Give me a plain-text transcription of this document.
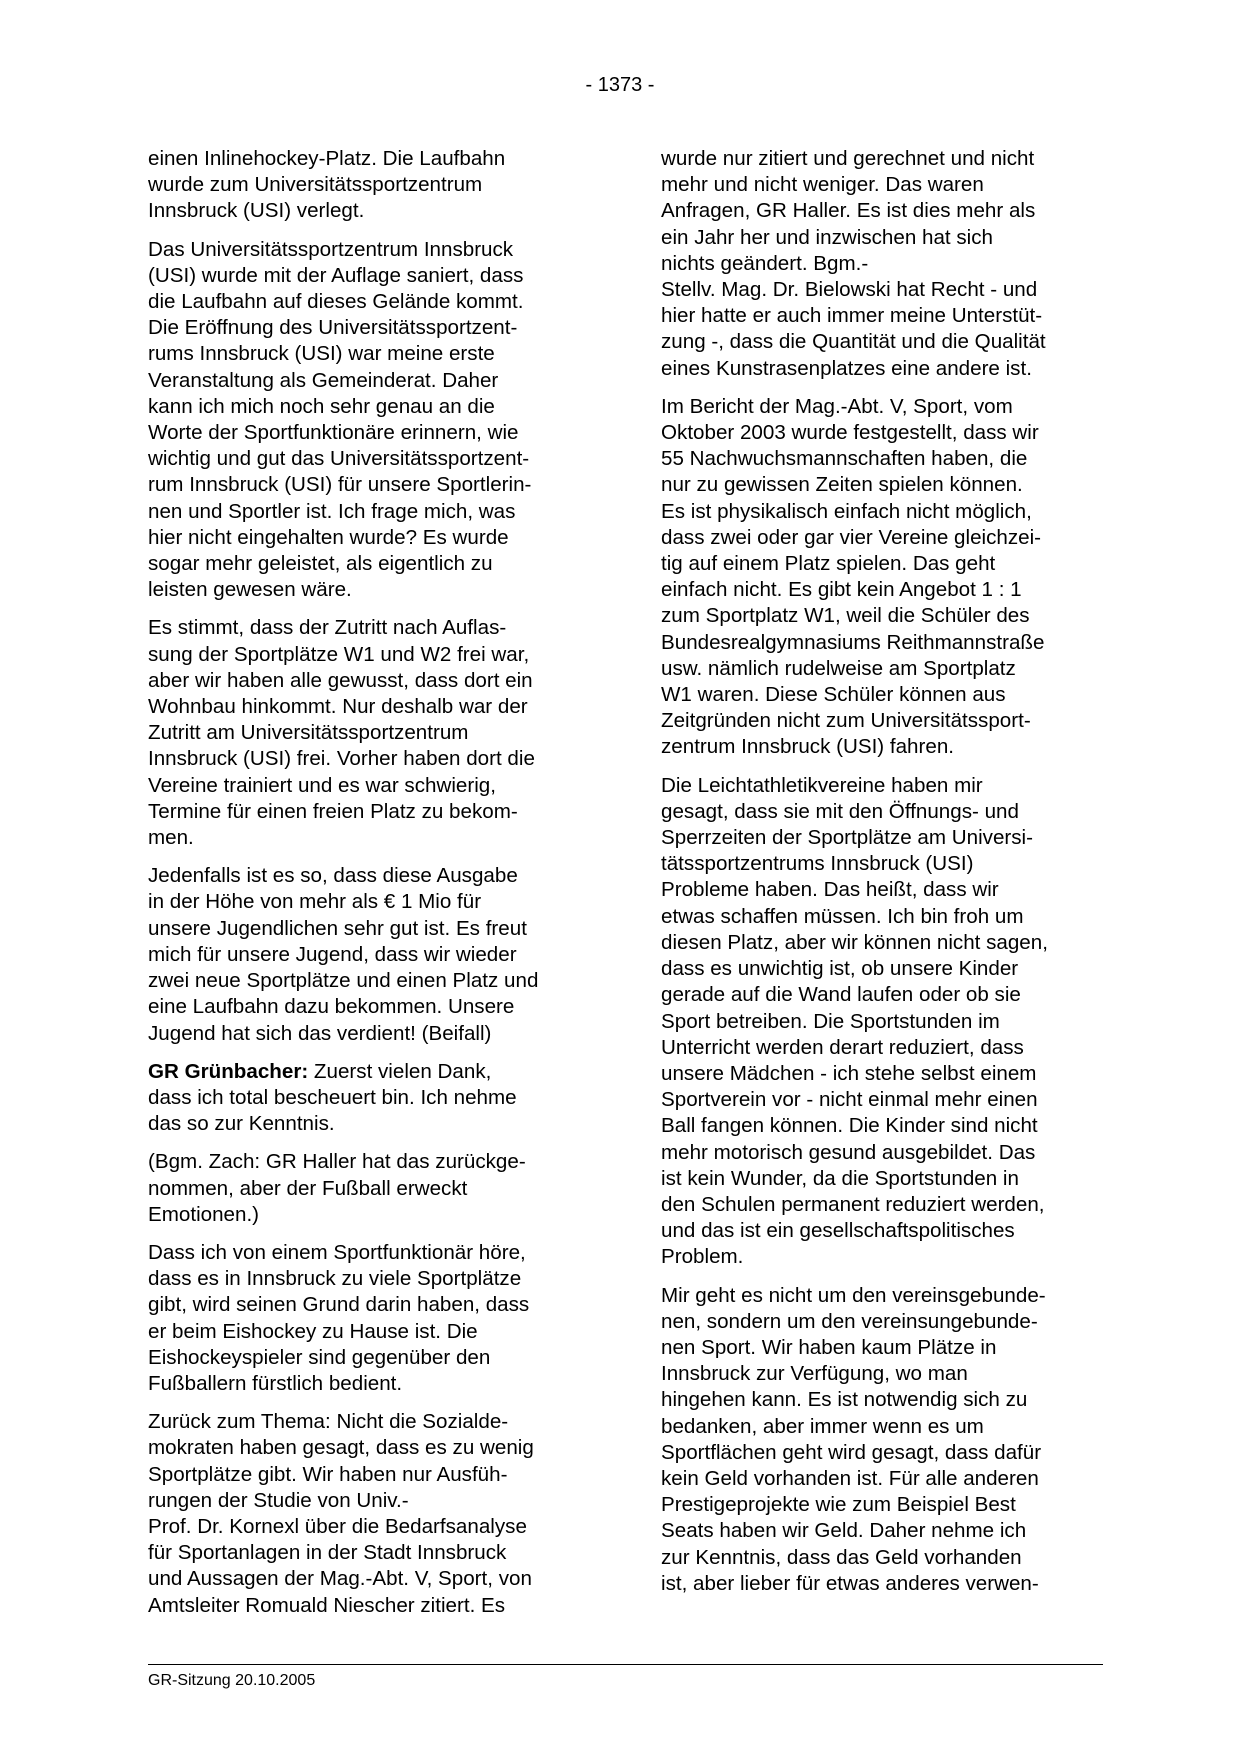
- 1373 -

einen Inlinehockey-Platz. Die Laufbahn
wurde zum Universitätssportzentrum
Innsbruck (USI) verlegt.

Das Universitätssportzentrum Innsbruck
(USI) wurde mit der Auflage saniert, dass
die Laufbahn auf dieses Gelände kommt.
Die Eröffnung des Universitätssportzent-
rums Innsbruck (USI) war meine erste
Veranstaltung als Gemeinderat. Daher
kann ich mich noch sehr genau an die
Worte der Sportfunktionäre erinnern, wie
wichtig und gut das Universitätssportzent-
rum Innsbruck (USI) für unsere Sportlerin-
nen und Sportler ist. Ich frage mich, was
hier nicht eingehalten wurde? Es wurde
sogar mehr geleistet, als eigentlich zu
leisten gewesen wäre.

Es stimmt, dass der Zutritt nach Auflas-
sung der Sportplätze W1 und W2 frei war,
aber wir haben alle gewusst, dass dort ein
Wohnbau hinkommt. Nur deshalb war der
Zutritt am Universitätssportzentrum
Innsbruck (USI) frei. Vorher haben dort die
Vereine trainiert und es war schwierig,
Termine für einen freien Platz zu bekom-
men.

Jedenfalls ist es so, dass diese Ausgabe
in der Höhe von mehr als € 1 Mio für
unsere Jugendlichen sehr gut ist. Es freut
mich für unsere Jugend, dass wir wieder
zwei neue Sportplätze und einen Platz und
eine Laufbahn dazu bekommen. Unsere
Jugend hat sich das verdient! (Beifall)

GR Grünbacher: Zuerst vielen Dank,
dass ich total bescheuert bin. Ich nehme
das so zur Kenntnis.

(Bgm. Zach: GR Haller hat das zurückge-
nommen, aber der Fußball erweckt
Emotionen.)

Dass ich von einem Sportfunktionär höre,
dass es in Innsbruck zu viele Sportplätze
gibt, wird seinen Grund darin haben, dass
er beim Eishockey zu Hause ist. Die
Eishockeyspieler sind gegenüber den
Fußballern fürstlich bedient.

Zurück zum Thema: Nicht die Sozialde-
mokraten haben gesagt, dass es zu wenig
Sportplätze gibt. Wir haben nur Ausfüh-
rungen der Studie von Univ.-
Prof. Dr. Kornexl über die Bedarfsanalyse
für Sportanlagen in der Stadt Innsbruck
und Aussagen der Mag.-Abt. V, Sport, von
Amtsleiter Romuald Niescher zitiert. Es

wurde nur zitiert und gerechnet und nicht
mehr und nicht weniger. Das waren
Anfragen, GR Haller. Es ist dies mehr als
ein Jahr her und inzwischen hat sich
nichts geändert. Bgm.-
Stellv. Mag. Dr. Bielowski hat Recht - und
hier hatte er auch immer meine Unterstüt-
zung -, dass die Quantität und die Qualität
eines Kunstrasenplatzes eine andere ist.

Im Bericht der Mag.-Abt. V, Sport, vom
Oktober 2003 wurde festgestellt, dass wir
55 Nachwuchsmannschaften haben, die
nur zu gewissen Zeiten spielen können.
Es ist physikalisch einfach nicht möglich,
dass zwei oder gar vier Vereine gleichzei-
tig auf einem Platz spielen. Das geht
einfach nicht. Es gibt kein Angebot 1 : 1
zum Sportplatz W1, weil die Schüler des
Bundesrealgymnasiums Reithmannstraße
usw. nämlich rudelweise am Sportplatz
W1 waren. Diese Schüler können aus
Zeitgründen nicht zum Universitätssport-
zentrum Innsbruck (USI) fahren.

Die Leichtathletikvereine haben mir
gesagt, dass sie mit den Öffnungs- und
Sperrzeiten der Sportplätze am Universi-
tätssportzentrums Innsbruck (USI)
Probleme haben. Das heißt, dass wir
etwas schaffen müssen. Ich bin froh um
diesen Platz, aber wir können nicht sagen,
dass es unwichtig ist, ob unsere Kinder
gerade auf die Wand laufen oder ob sie
Sport betreiben. Die Sportstunden im
Unterricht werden derart reduziert, dass
unsere Mädchen - ich stehe selbst einem
Sportverein vor - nicht einmal mehr einen
Ball fangen können. Die Kinder sind nicht
mehr motorisch gesund ausgebildet. Das
ist kein Wunder, da die Sportstunden in
den Schulen permanent reduziert werden,
und das ist ein gesellschaftspolitisches
Problem.

Mir geht es nicht um den vereinsgebunde-
nen, sondern um den vereinsungebunde-
nen Sport. Wir haben kaum Plätze in
Innsbruck zur Verfügung, wo man
hingehen kann. Es ist notwendig sich zu
bedanken, aber immer wenn es um
Sportflächen geht wird gesagt, dass dafür
kein Geld vorhanden ist. Für alle anderen
Prestigeprojekte wie zum Beispiel Best
Seats haben wir Geld. Daher nehme ich
zur Kenntnis, dass das Geld vorhanden
ist, aber lieber für etwas anderes verwen-

GR-Sitzung 20.10.2005
